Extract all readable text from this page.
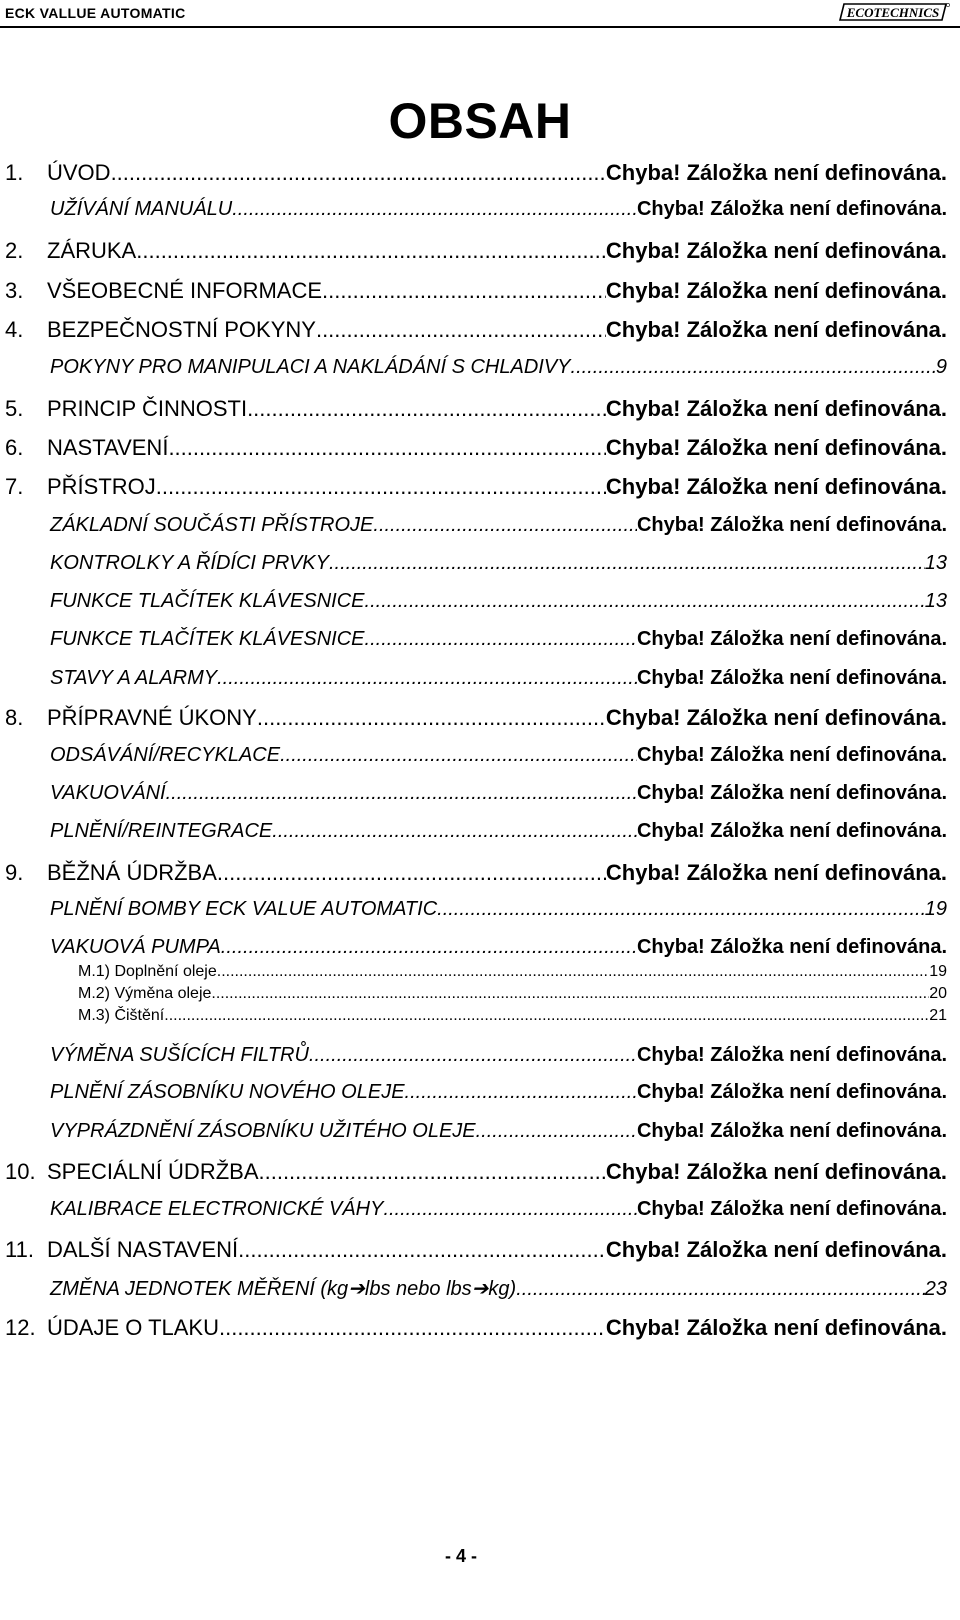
ECK VALLUE AUTOMATIC	ECOTECHNICS
OBSAH
1.	ÚVOD .....	Chyba! Záložka není definována.
UŽÍVÁNÍ MANUÁLU .....	Chyba! Záložka není definována.
2.	ZÁRUKA .....	Chyba! Záložka není definována.
3.	VŠEOBECNÉ INFORMACE .....	Chyba! Záložka není definována.
4.	BEZPEČNOSTNÍ POKYNY .....	Chyba! Záložka není definována.
POKYNY PRO MANIPULACI A NAKLÁDÁNÍ S CHLADIVY .....	9
5.	PRINCIP ČINNOSTI .....	Chyba! Záložka není definována.
6.	NASTAVENÍ .....	Chyba! Záložka není definována.
7.	PŘÍSTROJ .....	Chyba! Záložka není definována.
ZÁKLADNÍ SOUČÁSTI PŘÍSTROJE .....	Chyba! Záložka není definována.
KONTROLKY A ŘÍDÍCI PRVKY .....	13
FUNKCE TLAČÍTEK KLÁVESNICE .....	13
FUNKCE TLAČÍTEK KLÁVESNICE .....	Chyba! Záložka není definována.
STAVY A ALARMY .....	Chyba! Záložka není definována.
8.	PŘÍPRAVNÉ ÚKONY .....	Chyba! Záložka není definována.
ODSÁVÁNÍ/RECYKLACE .....	Chyba! Záložka není definována.
VAKUOVÁNÍ .....	Chyba! Záložka není definována.
PLNĚNÍ/REINTEGRACE .....	Chyba! Záložka není definována.
9.	BĚŽNÁ ÚDRŽBA .....	Chyba! Záložka není definována.
PLNĚNÍ BOMBY ECK VALUE AUTOMATIC .....	19
VAKUOVÁ PUMPA .....	Chyba! Záložka není definována.
M.1) Doplnění oleje .....	19
M.2) Výměna oleje .....	20
M.3) Čištění .....	21
VÝMĚNA SUŠÍCÍCH FILTRŮ .....	Chyba! Záložka není definována.
PLNĚNÍ ZÁSOBNÍKU NOVÉHO OLEJE .....	Chyba! Záložka není definována.
VYPRÁZDNĚNÍ ZÁSOBNÍKU UŽITÉHO OLEJE .....	Chyba! Záložka není definována.
10. SPECIÁLNÍ ÚDRŽBA .....	Chyba! Záložka není definována.
KALIBRACE ELECTRONICKÉ VÁHY .....	Chyba! Záložka není definována.
11. DALŠÍ NASTAVENÍ .....	Chyba! Záložka není definována.
ZMĚNA JEDNOTEK MĚŘENÍ (kg➔lbs nebo lbs➔kg) .....	23
12. ÚDAJE O TLAKU .....	Chyba! Záložka není definována.
- 4 -
